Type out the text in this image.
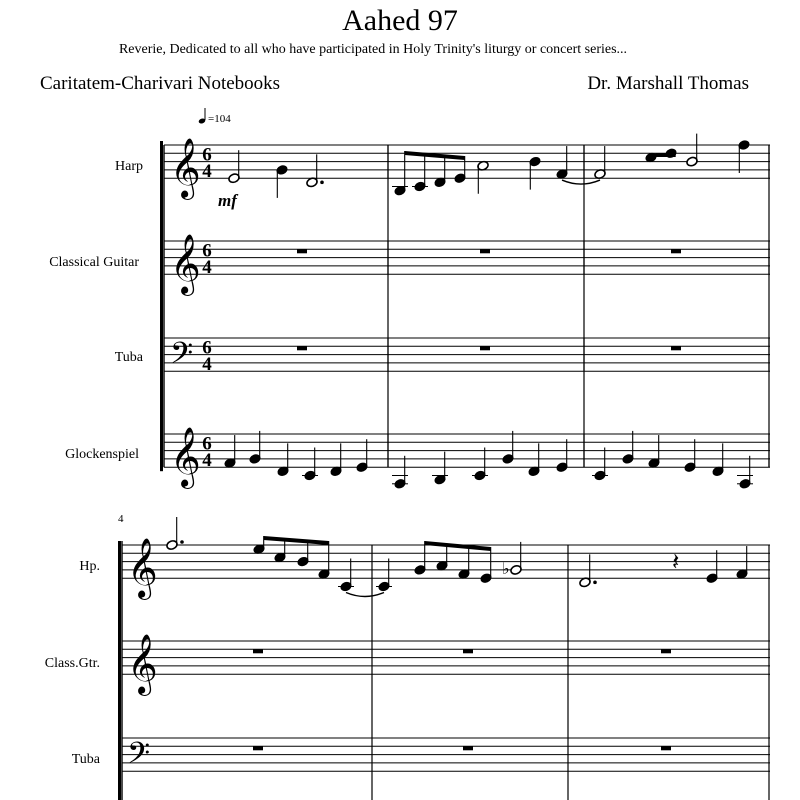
Aahed 97
Reverie, Dedicated to all who have participated in Holy Trinity's liturgy or concert series...
Caritatem-Charivari Notebooks	Dr. Marshall Thomas
=104
𝄞
𝄞
𝄢
𝄞
6
4
6
4
6
4
6
4
𝄞
𝄞
𝄢
Harp
Classical Guitar
Tuba
Glockenspiel
4
Hp.
Class.Gtr.
Tuba
mf
♭	𝄽
